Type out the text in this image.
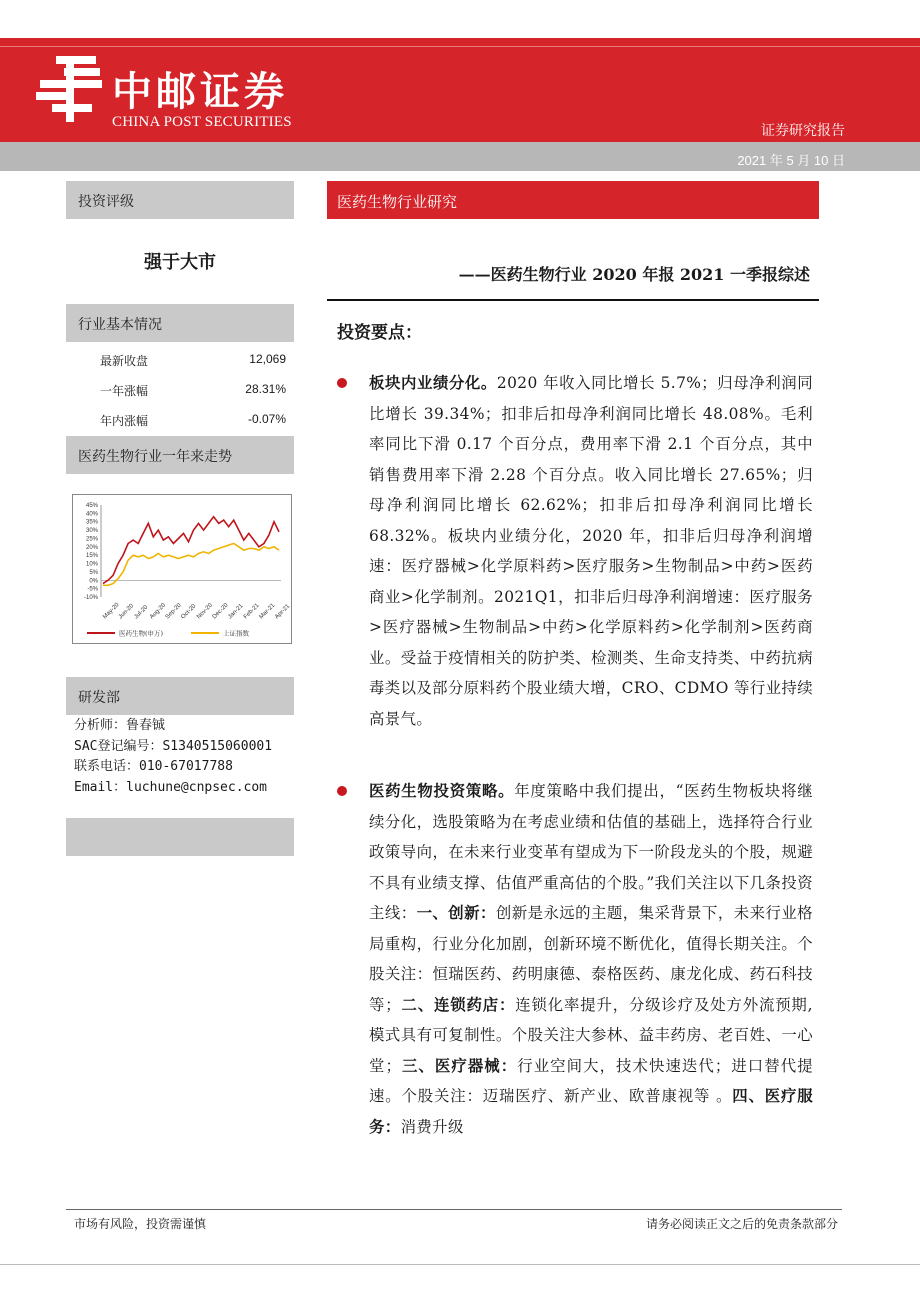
中邮证券
CHINA POST SECURITIES
证券研究报告
2021 年 5 月 10 日
投资评级
强于大市
行业基本情况
最新收盘	12,069
一年涨幅	28.31%
年内涨幅	-0.07%
医药生物行业一年来走势
45%
40%
35%
30%
25%
20%
15%
10%
5%
0%
-5%
-10%
May-20
Jun-20
Jul-20 Aug-20
Sep-20
Oct-20
Nov-20
Dec-20
Jan-21
Feb-21
Mar-21
Apr-21
医药生物(申万)	上证指数
研发部
分析师：鲁春铖
SAC登记编号：S1340515060001
联系电话：010-67017788
Email：luchune@cnpsec.com
医药生物行业研究
——医药生物行业 2020 年报 2021 一季报综述
投资要点：
板块内业绩分化。2020 年收入同比增长 5.7%；归母净利润同比增长 39.34%；扣非后扣母净利润同比增长 48.08%。毛利率同比下滑 0.17 个百分点，费用率下滑 2.1 个百分点，其中销售费用率下滑 2.28 个百分点。收入同比增长 27.65%；归母净利润同比增长 62.62%；扣非后扣母净利润同比增长 68.32%。板块内业绩分化，2020 年，扣非后归母净利润增速：医疗器械>化学原料药>医疗服务>生物制品>中药>医药商业>化学制剂。2021Q1，扣非后归母净利润增速：医疗服务>医疗器械>生物制品>中药>化学原料药>化学制剂>医药商业。受益于疫情相关的防护类、检测类、生命支持类、中药抗病毒类以及部分原料药个股业绩大增，CRO、CDMO 等行业持续高景气。
医药生物投资策略。年度策略中我们提出，“医药生物板块将继续分化，选股策略为在考虑业绩和估值的基础上，选择符合行业政策导向，在未来行业变革有望成为下一阶段龙头的个股，规避不具有业绩支撑、估值严重高估的个股。”我们关注以下几条投资主线：一、创新：创新是永远的主题，集采背景下，未来行业格局重构，行业分化加剧，创新环境不断优化，值得长期关注。个股关注：恒瑞医药、药明康德、泰格医药、康龙化成、药石科技等；二、连锁药店：连锁化率提升，分级诊疗及处方外流预期,模式具有可复制性。个股关注大参林、益丰药房、老百姓、一心堂；三、医疗器械：行业空间大，技术快速迭代；进口替代提速。个股关注：迈瑞医疗、新产业、欧普康视等 。四、医疗服务：消费升级
市场有风险，投资需谨慎	请务必阅读正文之后的免责条款部分
